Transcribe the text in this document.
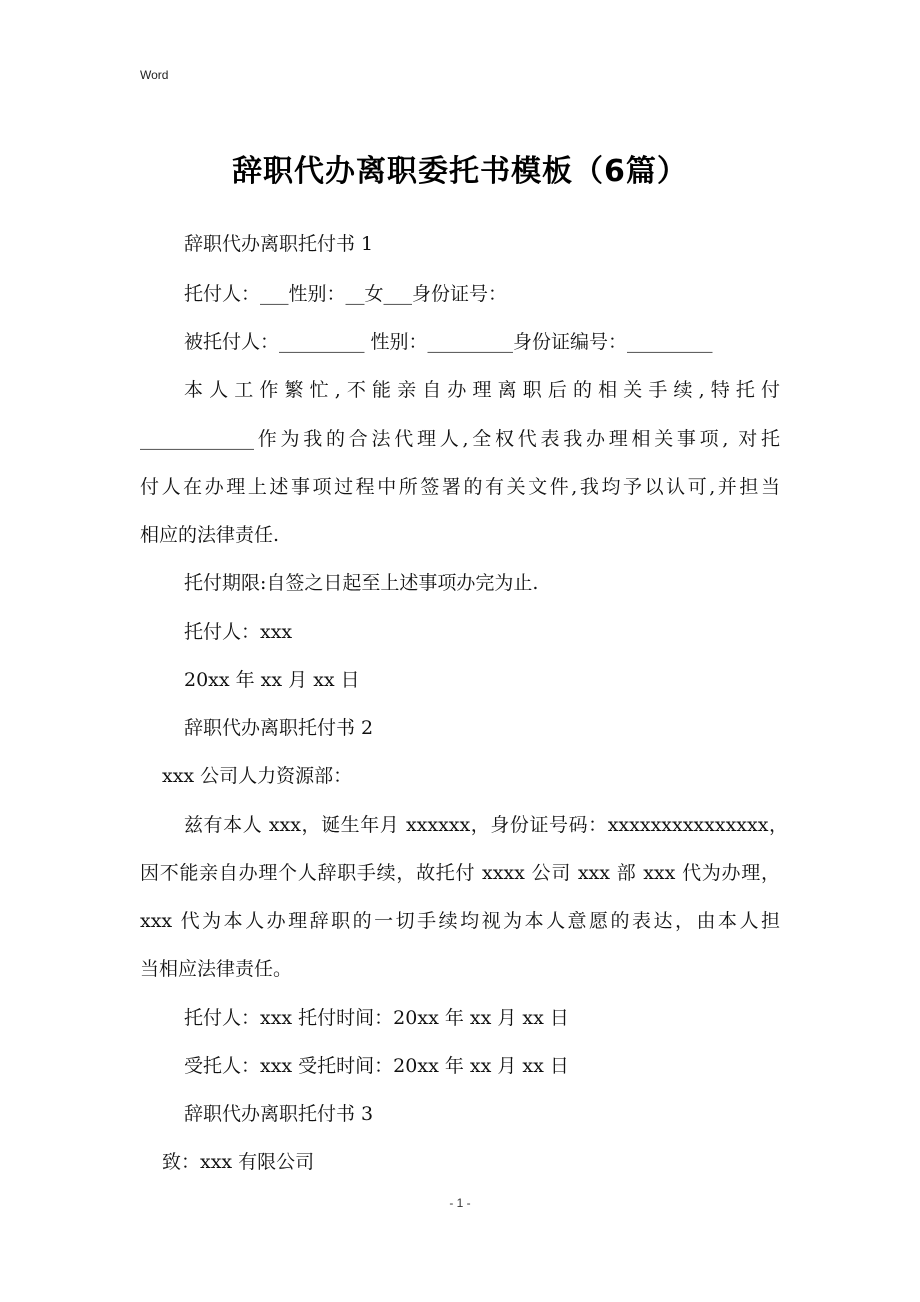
Word
辞职代办离职委托书模板（6篇）
辞职代办离职托付书 1
托付人：___性别：__女___身份证号：
被托付人：_________ 性别：_________身份证编号：_________
本人工作繁忙,不能亲自办理离职后的相关手续,特托付
____________作为我的合法代理人,全权代表我办理相关事项, 对托
付人在办理上述事项过程中所签署的有关文件,我均予以认可,并担当
相应的法律责任.
托付期限:自签之日起至上述事项办完为止.
托付人：xxx
20xx 年 xx 月 xx 日
辞职代办离职托付书 2
xxx 公司人力资源部：
兹有本人 xxx，诞生年月 xxxxxx，身份证号码：xxxxxxxxxxxxxxx，
因不能亲自办理个人辞职手续，故托付 xxxx 公司 xxx 部 xxx 代为办理，
xxx 代为本人办理辞职的一切手续均视为本人意愿的表达，由本人担
当相应法律责任。
托付人：xxx 托付时间：20xx 年 xx 月 xx 日
受托人：xxx 受托时间：20xx 年 xx 月 xx 日
辞职代办离职托付书 3
致：xxx 有限公司
- 1 -
